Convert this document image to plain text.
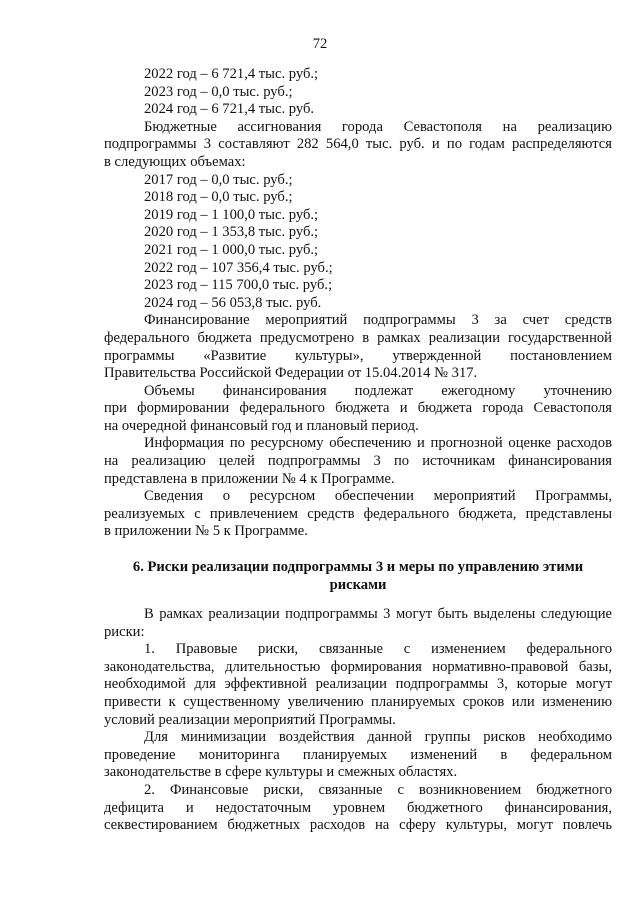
72
2022 год – 6 721,4 тыс. руб.;
2023 год – 0,0 тыс. руб.;
2024 год – 6 721,4 тыс. руб.
Бюджетные ассигнования города Севастополя на реализацию
подпрограммы 3 составляют 282 564,0 тыс. руб. и по годам распределяются
в следующих объемах:
2017 год – 0,0 тыс. руб.;
2018 год – 0,0 тыс. руб.;
2019 год – 1 100,0 тыс. руб.;
2020 год – 1 353,8 тыс. руб.;
2021 год – 1 000,0 тыс. руб.;
2022 год – 107 356,4 тыс. руб.;
2023 год – 115 700,0 тыс. руб.;
2024 год – 56 053,8 тыс. руб.
Финансирование мероприятий подпрограммы 3 за счет средств
федерального бюджета предусмотрено в рамках реализации государственной
программы «Развитие культуры», утвержденной постановлением
Правительства Российской Федерации от 15.04.2014 № 317.
Объемы финансирования подлежат ежегодному уточнению
при формировании федерального бюджета и бюджета города Севастополя
на очередной финансовый год и плановый период.
Информация по ресурсному обеспечению и прогнозной оценке расходов
на реализацию целей подпрограммы 3 по источникам финансирования
представлена в приложении № 4 к Программе.
Сведения о ресурсном обеспечении мероприятий Программы,
реализуемых с привлечением средств федерального бюджета, представлены
в приложении № 5 к Программе.
6. Риски реализации подпрограммы 3 и меры по управлению этими
рисками
В рамках реализации подпрограммы 3 могут быть выделены следующие
риски:
1. Правовые риски, связанные с изменением федерального
законодательства, длительностью формирования нормативно-правовой базы,
необходимой для эффективной реализации подпрограммы 3, которые могут
привести к существенному увеличению планируемых сроков или изменению
условий реализации мероприятий Программы.
Для минимизации воздействия данной группы рисков необходимо
проведение мониторинга планируемых изменений в федеральном
законодательстве в сфере культуры и смежных областях.
2. Финансовые риски, связанные с возникновением бюджетного
дефицита и недостаточным уровнем бюджетного финансирования,
секвестированием бюджетных расходов на сферу культуры, могут повлечь
